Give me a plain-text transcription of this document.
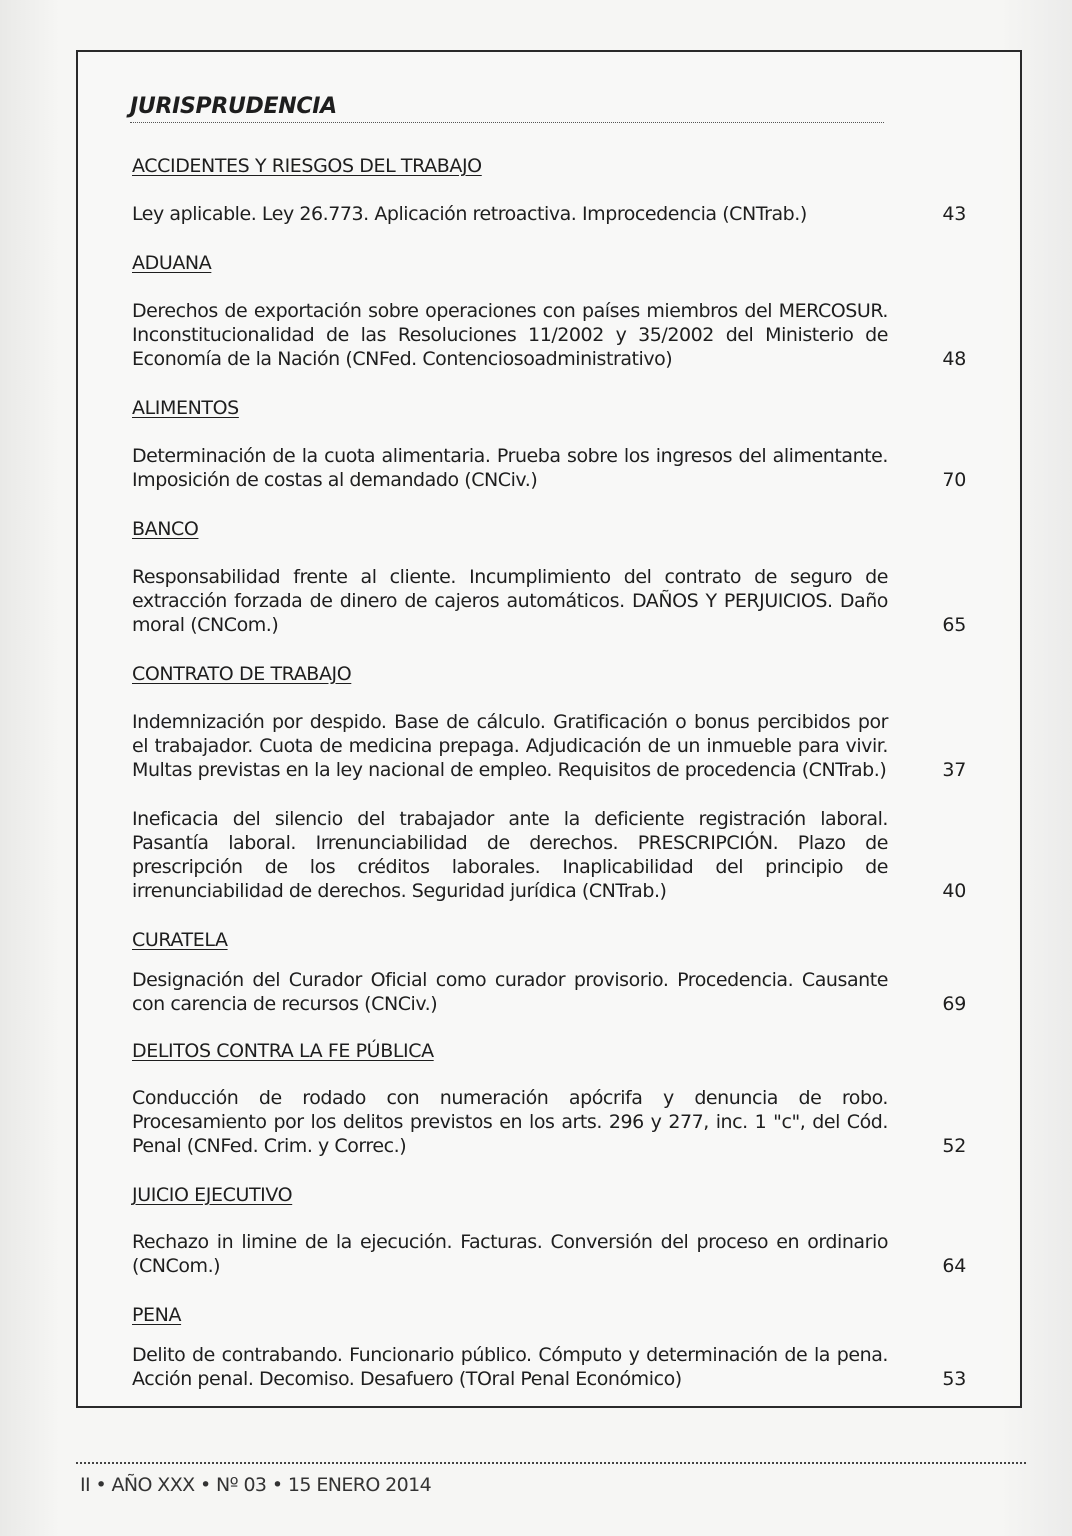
JURISPRUDENCIA

ACCIDENTES Y RIESGOS DEL TRABAJO

Ley aplicable. Ley 26.773. Aplicación retroactiva. Improcedencia (CNTrab.)	43

ADUANA

Derechos de exportación sobre operaciones con países miembros del MERCOSUR. Inconstitucionalidad de las Resoluciones 11/2002 y 35/2002 del Ministerio de Economía de la Nación (CNFed. Contenciosoadministrativo)	48

ALIMENTOS

Determinación de la cuota alimentaria. Prueba sobre los ingresos del alimentante. Imposición de costas al demandado (CNCiv.)	70

BANCO

Responsabilidad frente al cliente. Incumplimiento del contrato de seguro de extracción forzada de dinero de cajeros automáticos. DAÑOS Y PERJUICIOS. Daño moral (CNCom.)	65

CONTRATO DE TRABAJO

Indemnización por despido. Base de cálculo. Gratificación o bonus percibidos por el trabajador. Cuota de medicina prepaga. Adjudicación de un inmueble para vivir. Multas previstas en la ley nacional de empleo. Requisitos de procedencia (CNTrab.)	37
Ineficacia del silencio del trabajador ante la deficiente registración laboral. Pasantía laboral. Irrenunciabilidad de derechos. PRESCRIPCIÓN. Plazo de prescripción de los créditos laborales. Inaplicabilidad del principio de irrenunciabilidad de derechos. Seguridad jurídica (CNTrab.)	40

CURATELA

Designación del Curador Oficial como curador provisorio. Procedencia. Causante con carencia de recursos (CNCiv.)	69

DELITOS CONTRA LA FE PÚBLICA

Conducción de rodado con numeración apócrifa y denuncia de robo. Procesamiento por los delitos previstos en los arts. 296 y 277, inc. 1 "c", del Cód. Penal (CNFed. Crim. y Correc.)	52

JUICIO EJECUTIVO

Rechazo in limine de la ejecución. Facturas. Conversión del proceso en ordinario (CNCom.)	64

PENA

Delito de contrabando. Funcionario público. Cómputo y determinación de la pena. Acción penal. Decomiso. Desafuero (TOral Penal Económico)	53
II • AÑO XXX • Nº 03 • 15 ENERO 2014
